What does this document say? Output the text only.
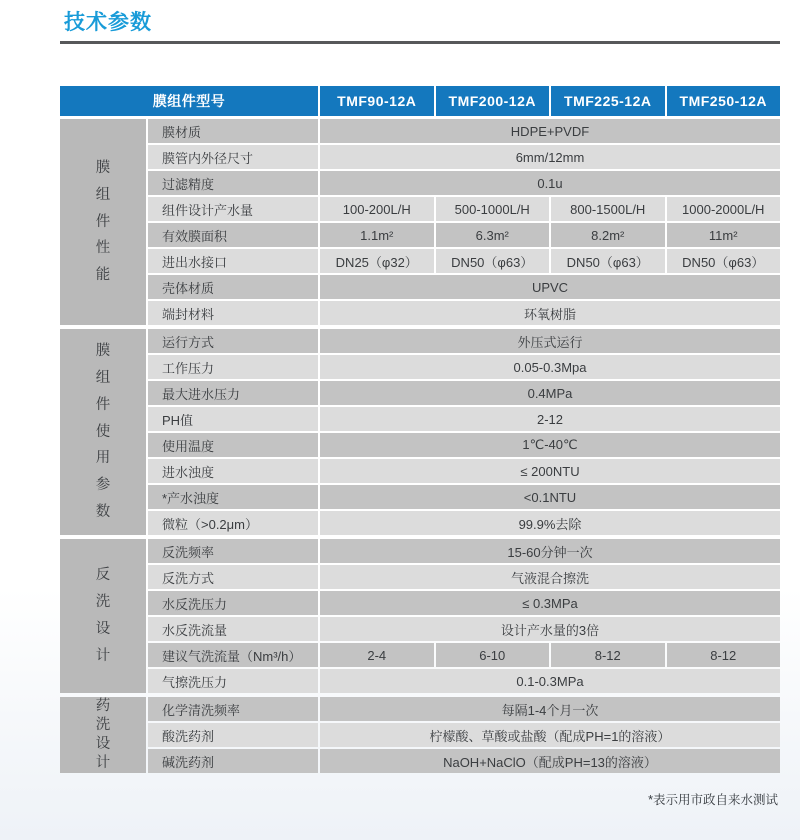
技术参数
膜组件型号	TMF90-12A	TMF200-12A	TMF225-12A	TMF250-12A
膜组件性能
膜材质	HDPE+PVDF
膜管内外径尺寸	6mm/12mm
过滤精度	0.1u
组件设计产水量	100-200L/H	500-1000L/H	800-1500L/H	1000-2000L/H
有效膜面积	1.1m²	6.3m²	8.2m²	11m²
进出水接口	DN25（φ32）	DN50（φ63）	DN50（φ63）	DN50（φ63）
壳体材质	UPVC
端封材料	环氧树脂
膜组件使用参数
运行方式	外压式运行
工作压力	0.05-0.3Mpa
最大进水压力	0.4MPa
PH值	2-12
使用温度	1℃-40℃
进水浊度	≤ 200NTU
*产水浊度	<0.1NTU
微粒（>0.2μm）	99.9%去除
反洗设计
反洗频率	15-60分钟一次
反洗方式	气液混合擦洗
水反洗压力	≤ 0.3MPa
水反洗流量	设计产水量的3倍
建议气洗流量（Nm³/h）	2-4	6-10	8-12	8-12
气擦洗压力	0.1-0.3MPa
药洗设计
化学清洗频率	每隔1-4个月一次
酸洗药剂	柠檬酸、草酸或盐酸（配成PH=1的溶液）
碱洗药剂	NaOH+NaClO（配成PH=13的溶液）
*表示用市政自来水测试
